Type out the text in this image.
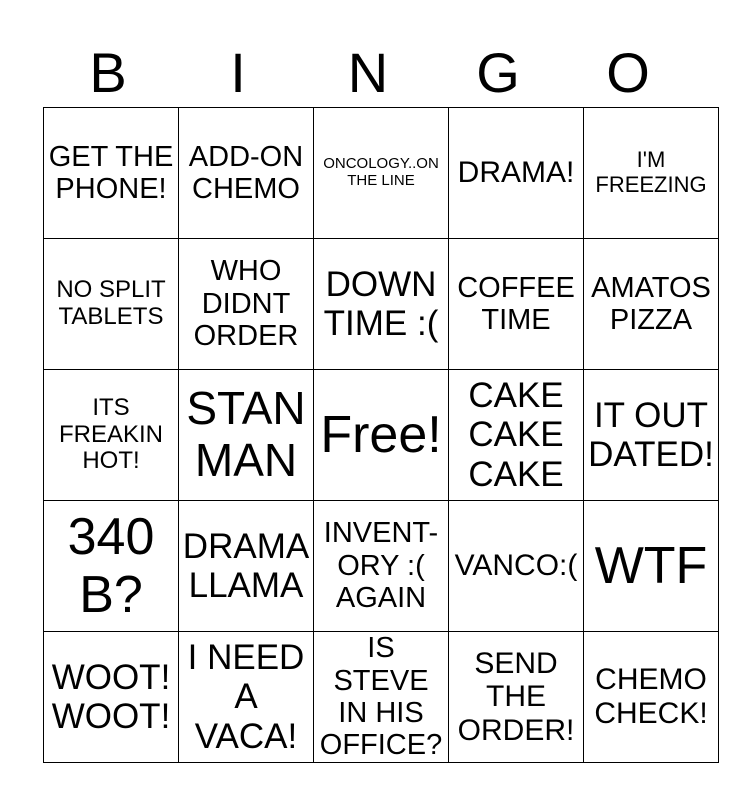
B	I	N	G	O
GET THE PHONE!	ADD-ON CHEMO	ONCOLOGY..ON THE LINE	DRAMA!	I'M FREEZING
NO SPLIT TABLETS	WHO DIDNT ORDER	DOWN TIME :(	COFFEE TIME	AMATOS PIZZA
ITS FREAKIN HOT!	STAN MAN	Free!	CAKE CAKE CAKE	IT OUT DATED!
340 B?	DRAMA LLAMA	INVENT-ORY :( AGAIN	VANCO:(	WTF
WOOT! WOOT!	I NEED A VACA!	IS STEVE IN HIS OFFICE?	SEND THE ORDER!	CHEMO CHECK!
